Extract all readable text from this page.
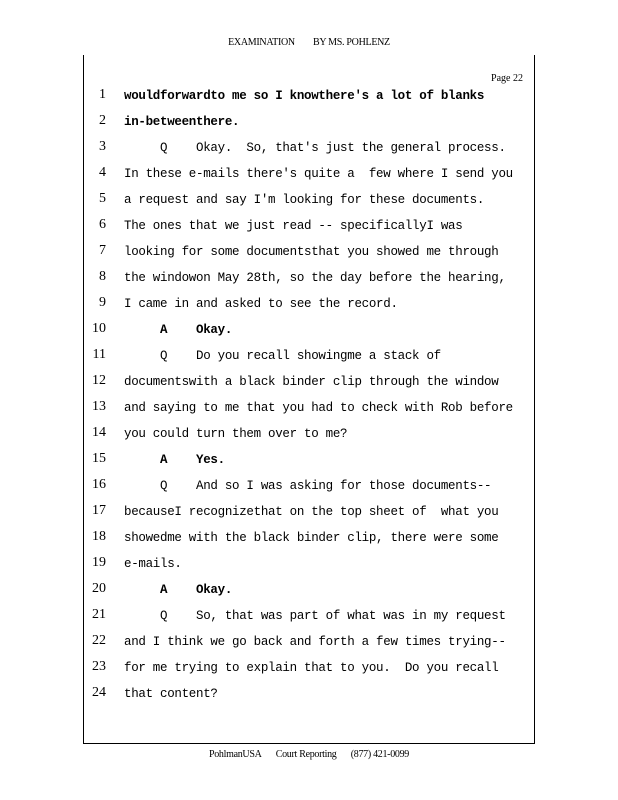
EXAMINATION BY MS. POHLENZ
Page 22
1 wouldforwardto me so I knowthere's a lot of blanks
2 in-betweenthere.
3 Q    Okay.  So, that's just the general process.
4 In these e-mails there's quite a  few where I send you
5 a request and say I'm looking for these documents.
6 The ones that we just read -- specificallyI was
7 looking for some documentsthat you showed me through
8 the windowon May 28th, so the day before the hearing,
9 I came in and asked to see the record.
10 A    Okay.
11 Q    Do you recall showingme a stack of
12 documentswith a black binder clip through the window
13 and saying to me that you had to check with Rob before
14 you could turn them over to me?
15 A    Yes.
16 Q    And so I was asking for those documents--
17 becauseI recognizethat on the top sheet of  what you
18 showedme with the black binder clip, there were some
19 e-mails.
20 A    Okay.
21 Q    So, that was part of what was in my request
22 and I think we go back and forth a few times trying--
23 for me trying to explain that to you.  Do you recall
24 that content?
PohlmanUSA Court Reporting (877) 421-0099
